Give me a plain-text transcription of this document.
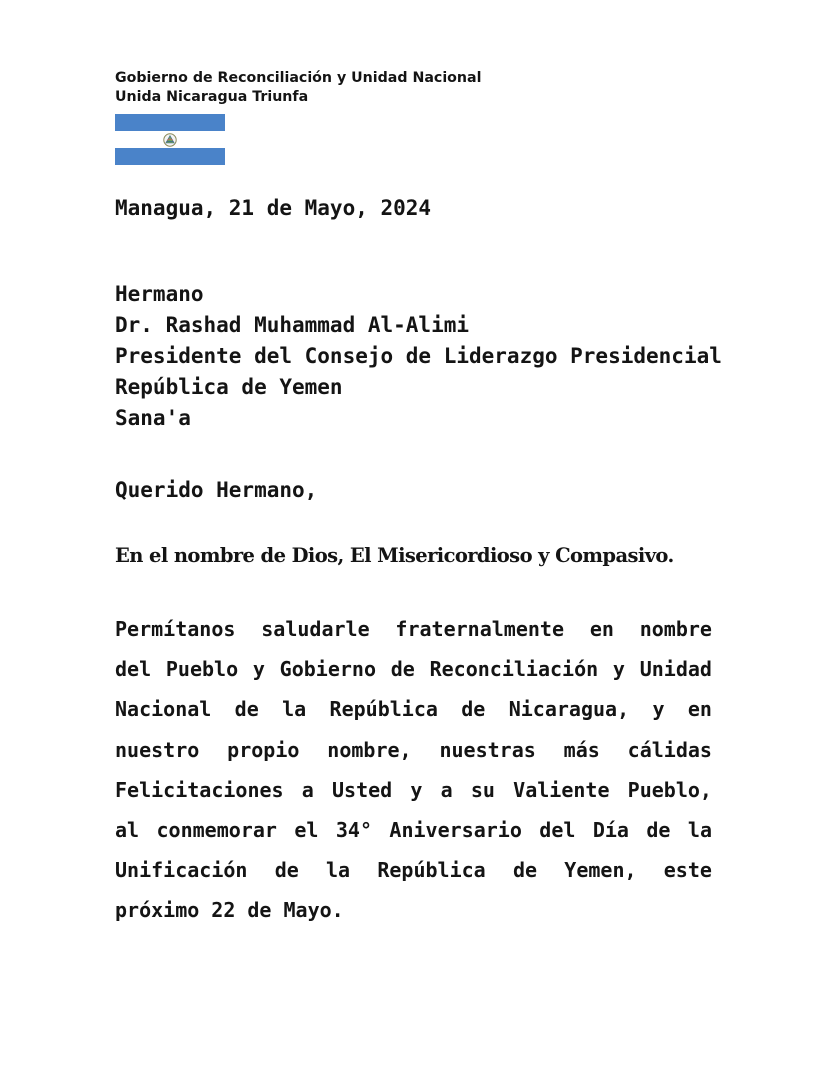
Gobierno de Reconciliación y Unidad Nacional
Unida Nicaragua Triunfa
Managua, 21 de Mayo, 2024
Hermano
Dr. Rashad Muhammad Al-Alimi
Presidente del Consejo de Liderazgo Presidencial
República de Yemen
Sana'a
Querido Hermano,
En el nombre de Dios, El Misericordioso y Compasivo.
Permítanos saludarle fraternalmente en nombre
del Pueblo y Gobierno de Reconciliación y Unidad
Nacional de la República de Nicaragua, y en
nuestro propio nombre, nuestras más cálidas
Felicitaciones a Usted y a su Valiente Pueblo,
al conmemorar el 34° Aniversario del Día de la
Unificación de la República de Yemen, este
próximo 22 de Mayo.
